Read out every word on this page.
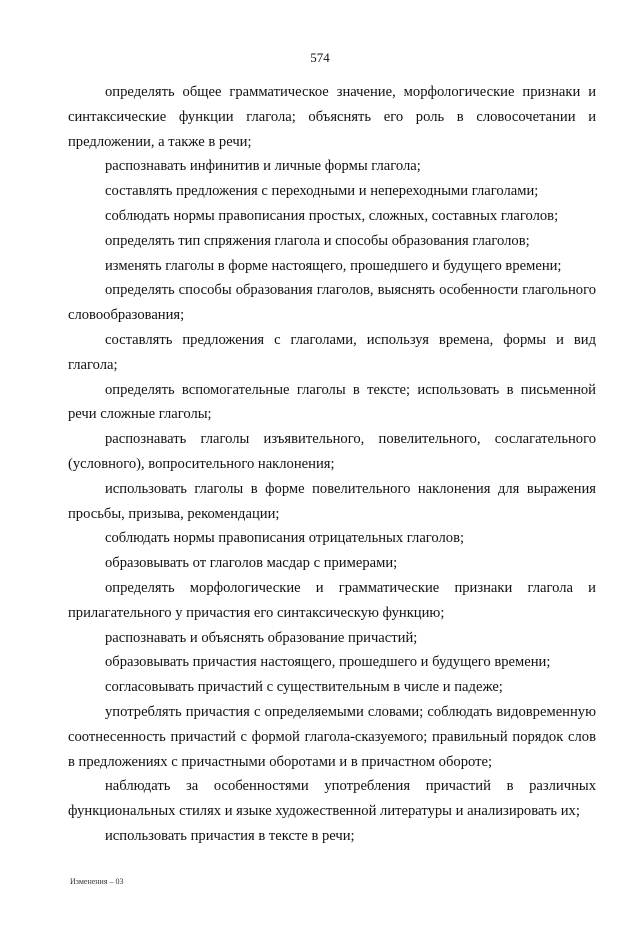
574

определять общее грамматическое значение, морфологические признаки и синтаксические функции глагола; объяснять его роль в словосочетании и предложении, а также в речи;

распознавать инфинитив и личные формы глагола;

составлять предложения с переходными и непереходными глаголами;

соблюдать нормы правописания простых, сложных, составных глаголов;

определять тип спряжения глагола и способы образования глаголов;

изменять глаголы в форме настоящего, прошедшего и будущего времени;

определять способы образования глаголов, выяснять особенности глагольного словообразования;

составлять предложения с глаголами, используя времена, формы и вид глагола;

определять вспомогательные глаголы в тексте; использовать в письменной речи сложные глаголы;

распознавать глаголы изъявительного, повелительного, сослагательного (условного), вопросительного наклонения;

использовать глаголы в форме повелительного наклонения для выражения просьбы, призыва, рекомендации;

соблюдать нормы правописания отрицательных глаголов;

образовывать от глаголов масдар с примерами;

определять морфологические и грамматические признаки глагола и прилагательного у причастия его синтаксическую функцию;

распознавать и объяснять образование причастий;

образовывать причастия настоящего, прошедшего и будущего времени;

согласовывать причастий с существительным в числе и падеже;

употреблять причастия с определяемыми словами; соблюдать видовременную соотнесенность причастий с формой глагола-сказуемого; правильный порядок слов в предложениях с причастными оборотами и в причастном обороте;

наблюдать за особенностями употребления причастий в различных функциональных стилях и языке художественной литературы и анализировать их;

использовать причастия в тексте в речи;

Изменения – 03
